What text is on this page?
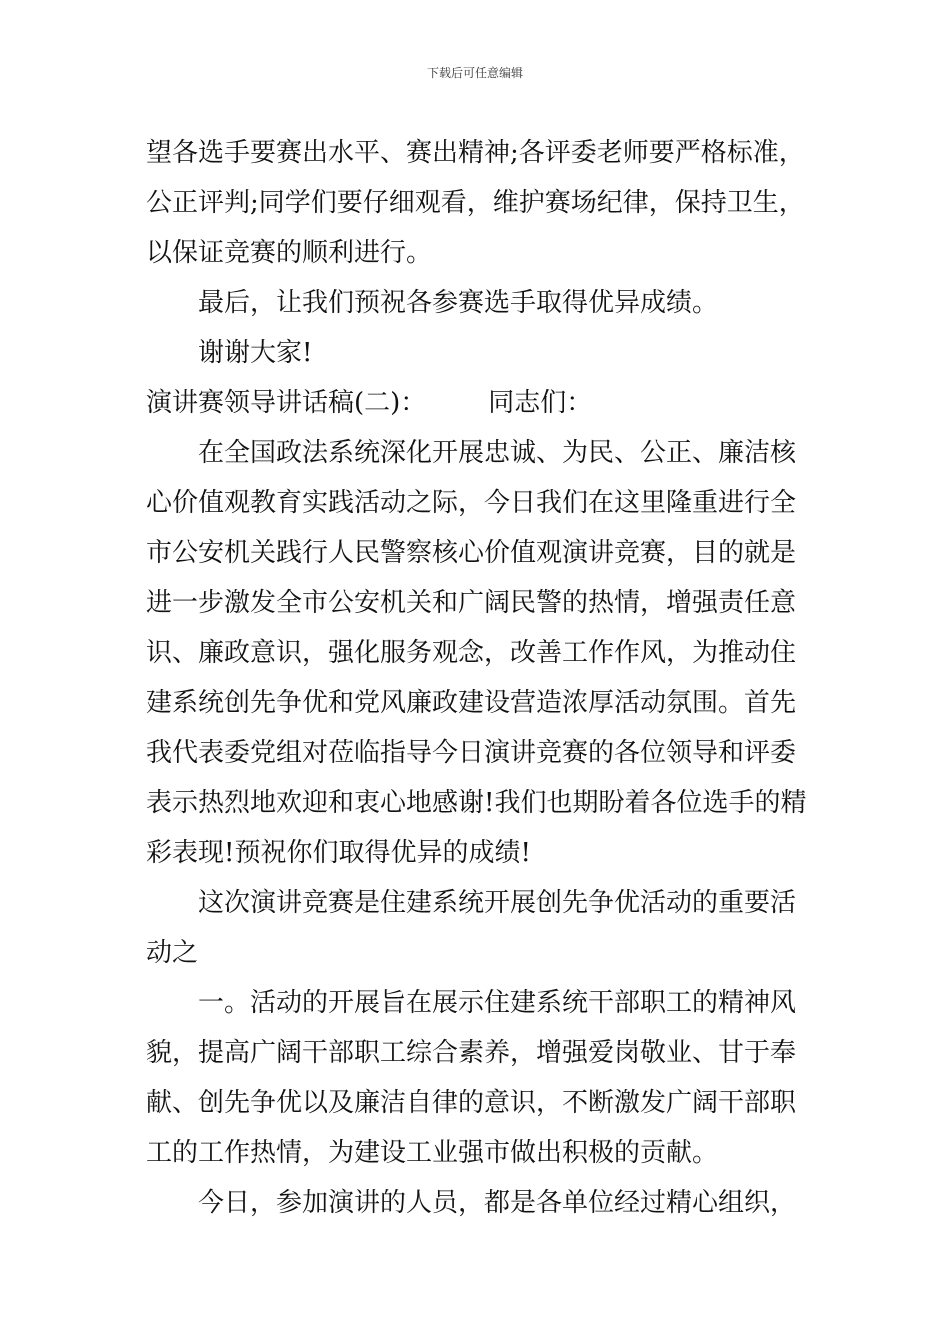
下载后可任意编辑
望各选手要赛出水平、赛出精神;各评委老师要严格标准，
公正评判;同学们要仔细观看，维护赛场纪律，保持卫生，
以保证竞赛的顺利进行。
最后，让我们预祝各参赛选手取得优异成绩。
谢谢大家!
演讲赛领导讲话稿(二)： 同志们：
在全国政法系统深化开展忠诚、为民、公正、廉洁核
心价值观教育实践活动之际，今日我们在这里隆重进行全
市公安机关践行人民警察核心价值观演讲竞赛，目的就是
进一步激发全市公安机关和广阔民警的热情，增强责任意
识、廉政意识，强化服务观念，改善工作作风，为推动住
建系统创先争优和党风廉政建设营造浓厚活动氛围。首先
我代表委党组对莅临指导今日演讲竞赛的各位领导和评委
表示热烈地欢迎和衷心地感谢!我们也期盼着各位选手的精
彩表现!预祝你们取得优异的成绩!
这次演讲竞赛是住建系统开展创先争优活动的重要活
动之
一。活动的开展旨在展示住建系统干部职工的精神风
貌，提高广阔干部职工综合素养，增强爱岗敬业、甘于奉
献、创先争优以及廉洁自律的意识，不断激发广阔干部职
工的工作热情，为建设工业强市做出积极的贡献。
今日，参加演讲的人员，都是各单位经过精心组织，
